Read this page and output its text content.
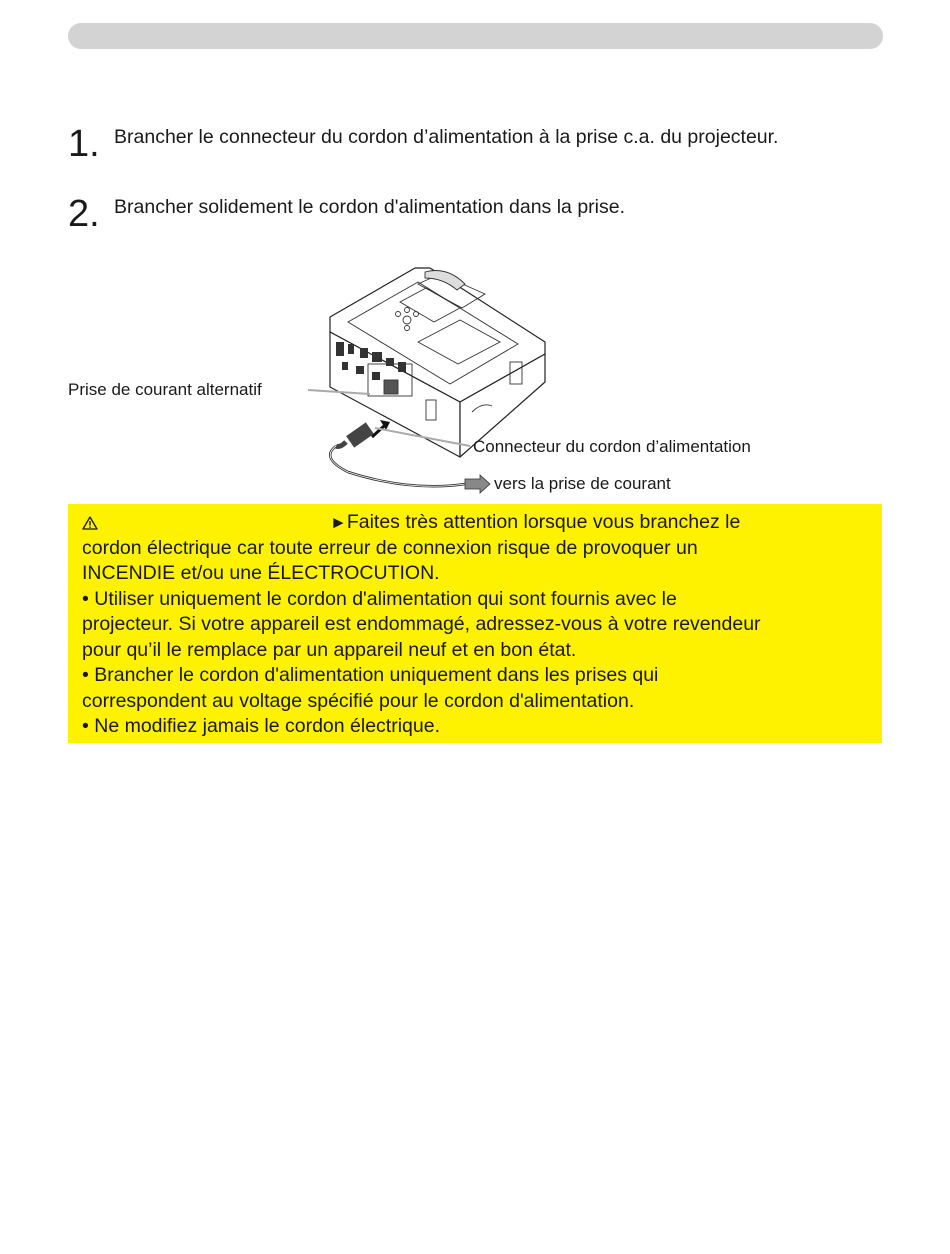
1. Brancher le connecteur du cordon d’alimentation à la prise c.a. du projecteur.
2. Brancher solidement le cordon d'alimentation dans la prise.
Prise de courant alternatif
Connecteur du cordon d’alimentation
vers la prise de courant

► Faites très attention lorsque vous branchez le

cordon électrique car toute erreur de connexion risque de provoquer un

INCENDIE et/ou une ÉLECTROCUTION.

• Utiliser uniquement le cordon d'alimentation qui sont fournis avec le

projecteur. Si votre appareil est endommagé, adressez-vous à votre revendeur

pour qu’il le remplace par un appareil neuf et en bon état.

• Brancher le cordon d'alimentation uniquement dans les prises qui

correspondent au voltage spécifié pour le cordon d'alimentation.

• Ne modifiez jamais le cordon électrique.
